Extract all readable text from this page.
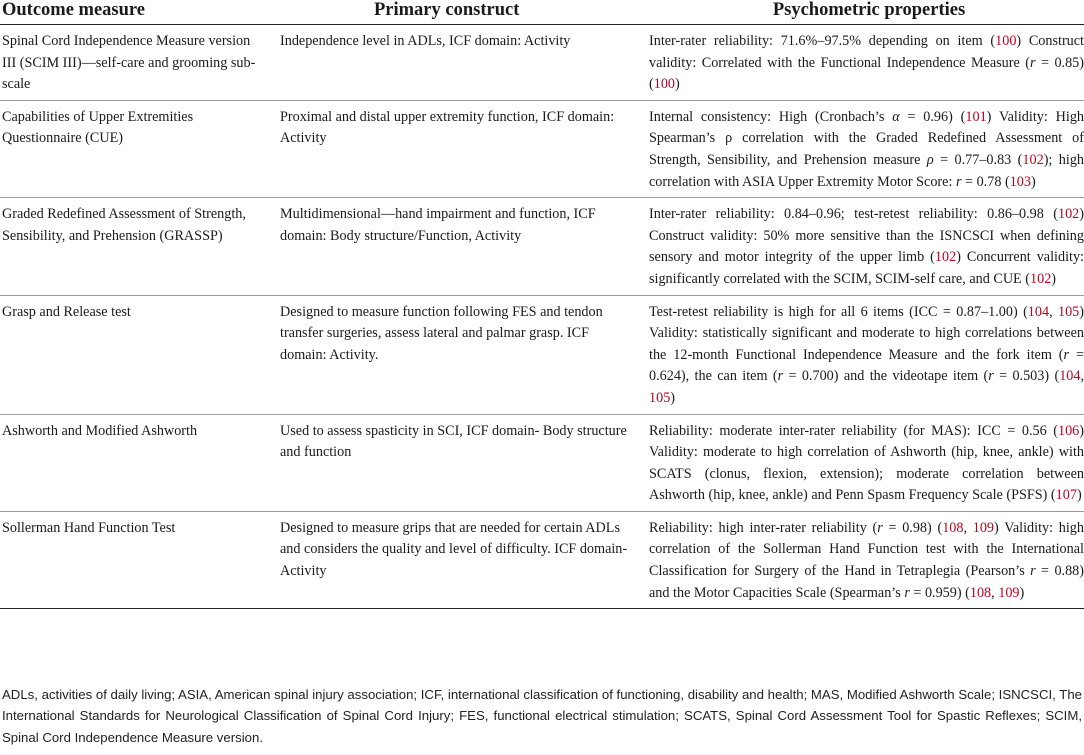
Outcome measure	Primary construct	Psychometric properties
Spinal Cord Independence Measure version III (SCIM III)—self-care and grooming sub-scale	Independence level in ADLs, ICF domain: Activity	Inter-rater reliability: 71.6%–97.5% depending on item (100) Construct validity: Correlated with the Functional Independence Measure (r = 0.85) (100)
Capabilities of Upper Extremities Questionnaire (CUE)	Proximal and distal upper extremity function, ICF domain: Activity	Internal consistency: High (Cronbach’s α = 0.96) (101) Validity: High Spearman’s ρ correlation with the Graded Redefined Assessment of Strength, Sensibility, and Prehension measure ρ = 0.77–0.83 (102); high correlation with ASIA Upper Extremity Motor Score: r = 0.78 (103)
Graded Redefined Assessment of Strength, Sensibility, and Prehension (GRASSP)	Multidimensional—hand impairment and function, ICF domain: Body structure/Function, Activity	Inter-rater reliability: 0.84–0.96; test-retest reliability: 0.86–0.98 (102) Construct validity: 50% more sensitive than the ISNCSCI when defining sensory and motor integrity of the upper limb (102) Concurrent validity: significantly correlated with the SCIM, SCIM-self care, and CUE (102)
Grasp and Release test	Designed to measure function following FES and tendon transfer surgeries, assess lateral and palmar grasp. ICF domain: Activity.	Test-retest reliability is high for all 6 items (ICC = 0.87–1.00) (104, 105) Validity: statistically significant and moderate to high correlations between the 12-month Functional Independence Measure and the fork item (r = 0.624), the can item (r = 0.700) and the videotape item (r = 0.503) (104, 105)
Ashworth and Modified Ashworth	Used to assess spasticity in SCI, ICF domain- Body structure and function	Reliability: moderate inter-rater reliability (for MAS): ICC = 0.56 (106) Validity: moderate to high correlation of Ashworth (hip, knee, ankle) with SCATS (clonus, flexion, extension); moderate correlation between Ashworth (hip, knee, ankle) and Penn Spasm Frequency Scale (PSFS) (107)
Sollerman Hand Function Test	Designed to measure grips that are needed for certain ADLs and considers the quality and level of difficulty. ICF domain- Activity	Reliability: high inter-rater reliability (r = 0.98) (108, 109) Validity: high correlation of the Sollerman Hand Function test with the International Classification for Surgery of the Hand in Tetraplegia (Pearson’s r = 0.88) and the Motor Capacities Scale (Spearman’s r = 0.959) (108, 109)
ADLs, activities of daily living; ASIA, American spinal injury association; ICF, international classification of functioning, disability and health; MAS, Modified Ashworth Scale; ISNCSCI, The International Standards for Neurological Classification of Spinal Cord Injury; FES, functional electrical stimulation; SCATS, Spinal Cord Assessment Tool for Spastic Reflexes; SCIM, Spinal Cord Independence Measure version.
